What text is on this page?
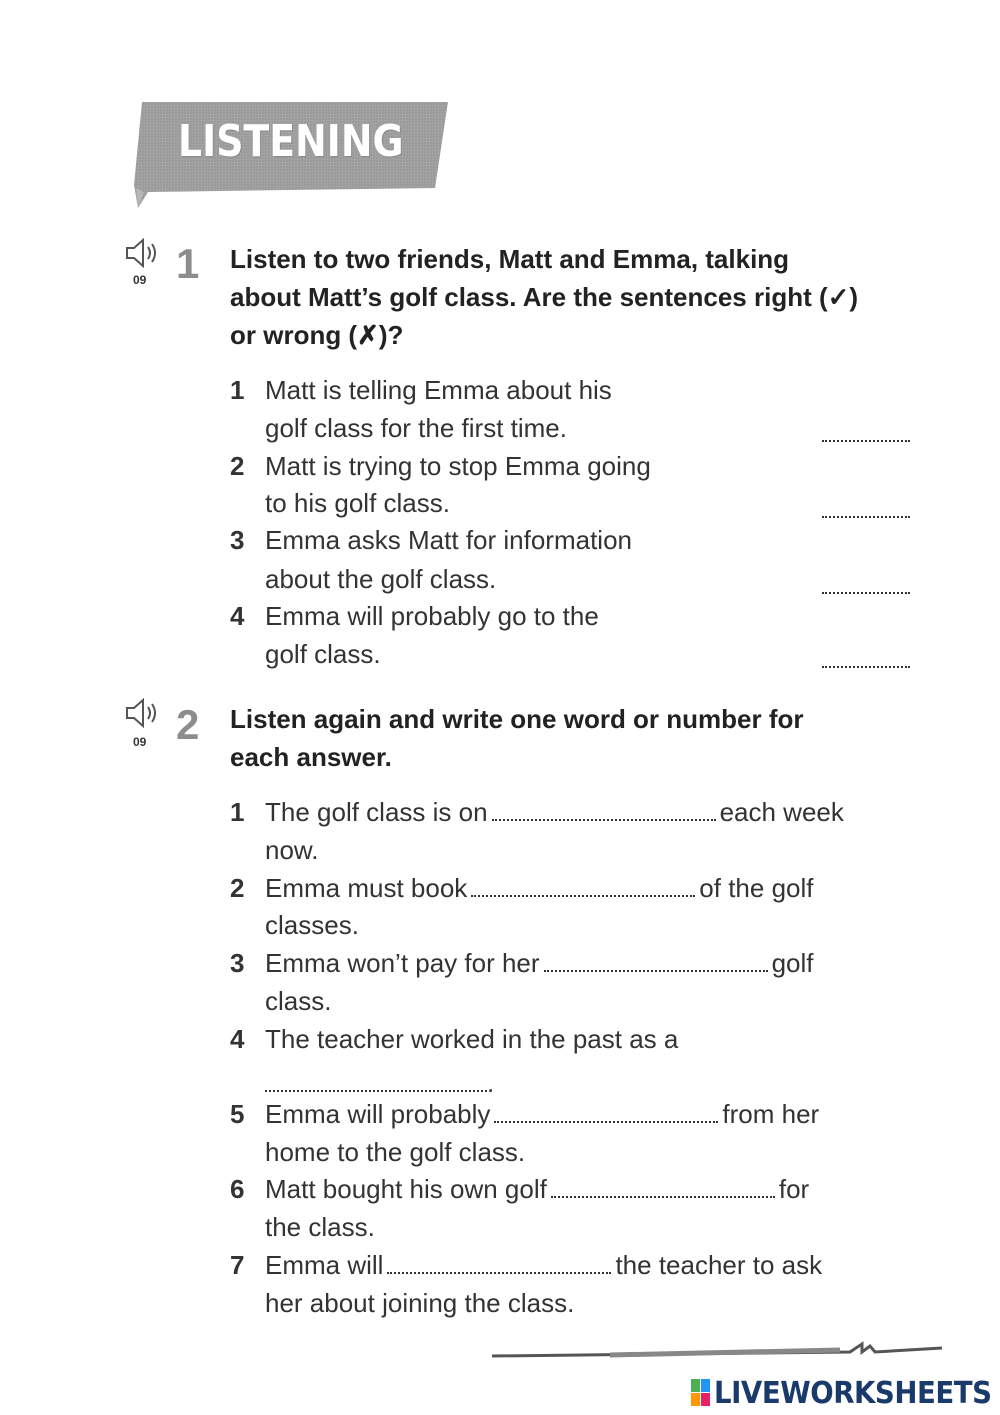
LISTENING
09 1 Listen to two friends, Matt and Emma, talking
about Matt’s golf class. Are the sentences right (✓)
or wrong (✗)?
1 Matt is telling Emma about his
golf class for the first time.
2 Matt is trying to stop Emma going
to his golf class.
3 Emma asks Matt for information
about the golf class.
4 Emma will probably go to the
golf class.
09 2 Listen again and write one word or number for
each answer.
1 The golf class is on	each week
now.
2 Emma must book	of the golf
classes.
3 Emma won’t pay for her	golf
class.
4 The teacher worked in the past as a
.
5 Emma will probably	from her
home to the golf class.
6 Matt bought his own golf	for
the class.
7 Emma will	the teacher to ask
her about joining the class.
LIVEWORKSHEETS
